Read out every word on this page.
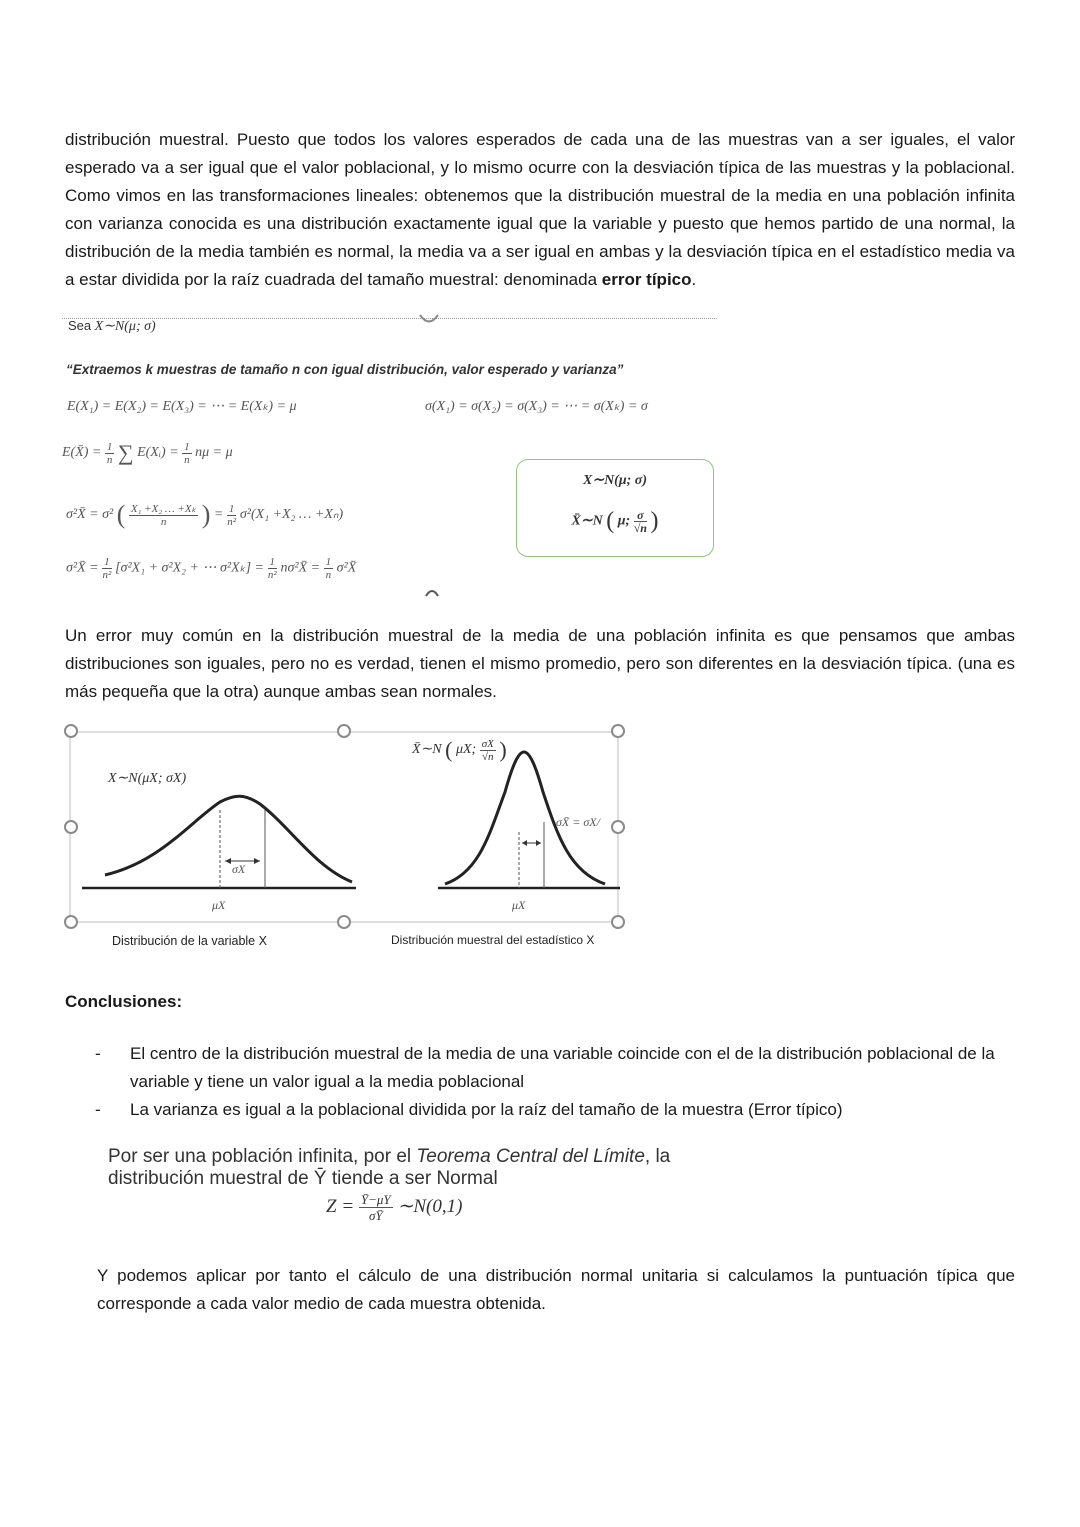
distribución muestral. Puesto que todos los valores esperados de cada una de las muestras van a ser iguales, el valor esperado va a ser igual que el valor poblacional, y lo mismo ocurre con la desviación típica de las muestras y la poblacional. Como vimos en las transformaciones lineales: obtenemos que la distribución muestral de la media en una población infinita con varianza conocida es una distribución exactamente igual que la variable y puesto que hemos partido de una normal, la distribución de la media también es normal, la media va a ser igual en ambas y la desviación típica en el estadístico media va a estar dividida por la raíz cuadrada del tamaño muestral: denominada error típico.
Sea X∼N(μ; σ)
“Extraemos k muestras de tamaño n con igual distribución, valor esperado y varianza”
E(X₁) = E(X₂) = E(X₃) = ⋯ = E(Xₖ) = μ	σ(X₁) = σ(X₂) = σ(X₃) = ⋯ = σ(Xₖ) = σ
E(X̄) = $\frac{1}{n}$ ∑ E(Xᵢ) = $\frac{1}{n}$ nμ = μ
σ²X̄ = σ² ( $\frac{\text{X₁ +X₂ … +Xₖ}}{n}$ ) = $\frac{1}{\text{n²}} \sigma^2(X_1 +X_2$ … +Xₙ)
σ²X̄ = $\frac{1}{\text{n²}} [\sigma^2X_1 + \sigma^2X_2$ + ⋯ $\sigma^2X_k] = \frac{1}{\text{n²}}$ nσ²X̄ = $\frac{1}{n}$ σ²X̄
X∼N(μ; σ)
X̄∼N ( μ; $\frac{\sigma}{√n}$ )
Un error muy común en la distribución muestral de la media de una población infinita es que pensamos que ambas distribuciones son iguales, pero no es verdad, tienen el mismo promedio, pero son diferentes en la desviación típica. (una es más pequeña que la otra) aunque ambas sean normales.
X∼N(μX; σX)
σX
μX
Distribución de la variable X
X̄∼N ( μX; $\frac{\sigma X}{√n}$ )
σX̄ = σX/
μX
Distribución muestral del estadístico X
Conclusiones:
- El centro de la distribución muestral de la media de una variable coincide con el de la distribución poblacional de la variable y tiene un valor igual a la media poblacional
- La varianza es igual a la poblacional dividida por la raíz del tamaño de la muestra (Error típico)
Por ser una población infinita, por el Teorema Central del Límite, la
distribución muestral de Ȳ tiende a ser Normal
$Z = \frac{Ȳ-\mu Y}{\sigma Ȳ}$ ∼N(0,1)
Y podemos aplicar por tanto el cálculo de una distribución normal unitaria si calculamos la puntuación típica que corresponde a cada valor medio de cada muestra obtenida.
